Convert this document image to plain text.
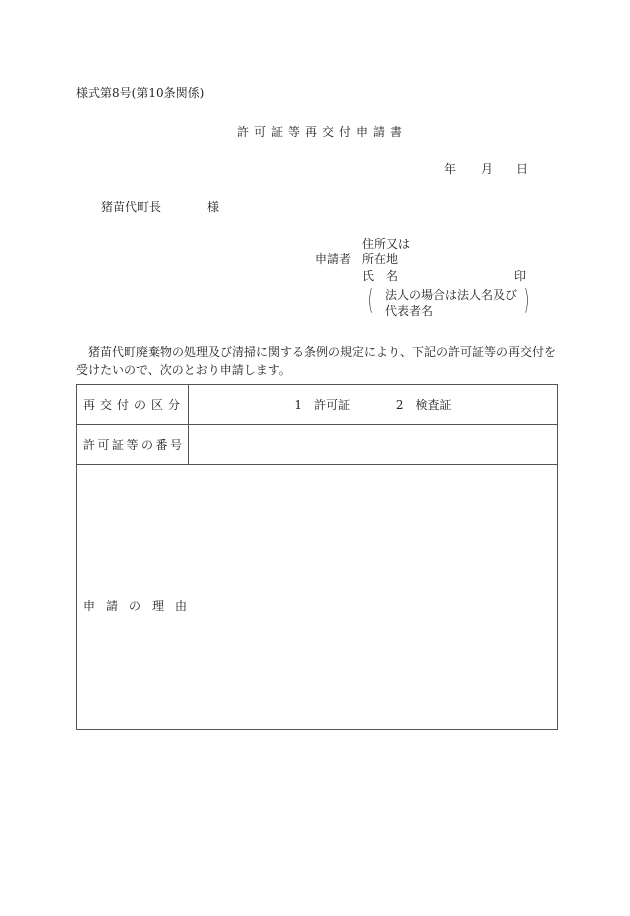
様式第8号(第10条関係)
許可証等再交付申請書
年 月 日
猪苗代町長	様
申請者
住所又は
所在地
氏名	印
( 法人の場合は法人名及び
代表者名	)
猪苗代町廃棄物の処理及び清掃に関する条例の規定により、下記の許可証等の再交付を受けたいので、次のとおり申請します。
再交付の区分	1 許可証 2 検査証
許可証等の番号	
申請の理由	
